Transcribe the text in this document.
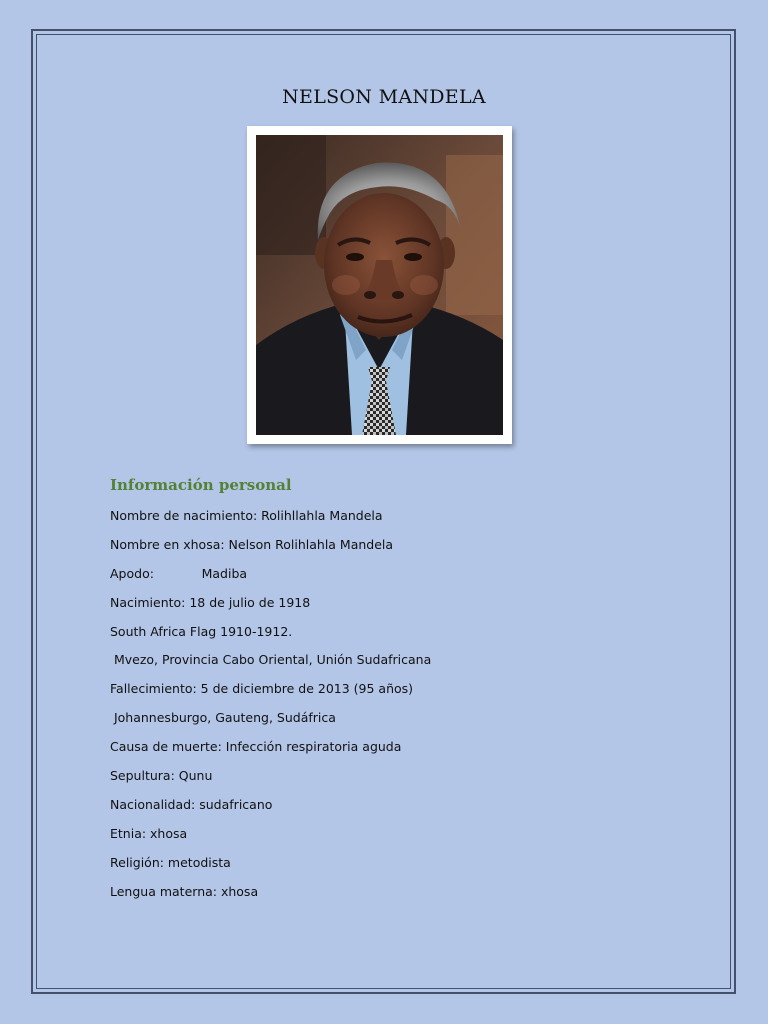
NELSON MANDELA
Información personal
Nombre de nacimiento: Rolihllahla Mandela
Nombre en xhosa: Nelson Rolihlahla Mandela
Apodo:            Madiba
Nacimiento: 18 de julio de 1918
South Africa Flag 1910-1912.
Mvezo, Provincia Cabo Oriental, Unión Sudafricana
Fallecimiento: 5 de diciembre de 2013 (95 años)
Johannesburgo, Gauteng, Sudáfrica
Causa de muerte: Infección respiratoria aguda
Sepultura: Qunu
Nacionalidad: sudafricano
Etnia: xhosa
Religión: metodista
Lengua materna: xhosa
